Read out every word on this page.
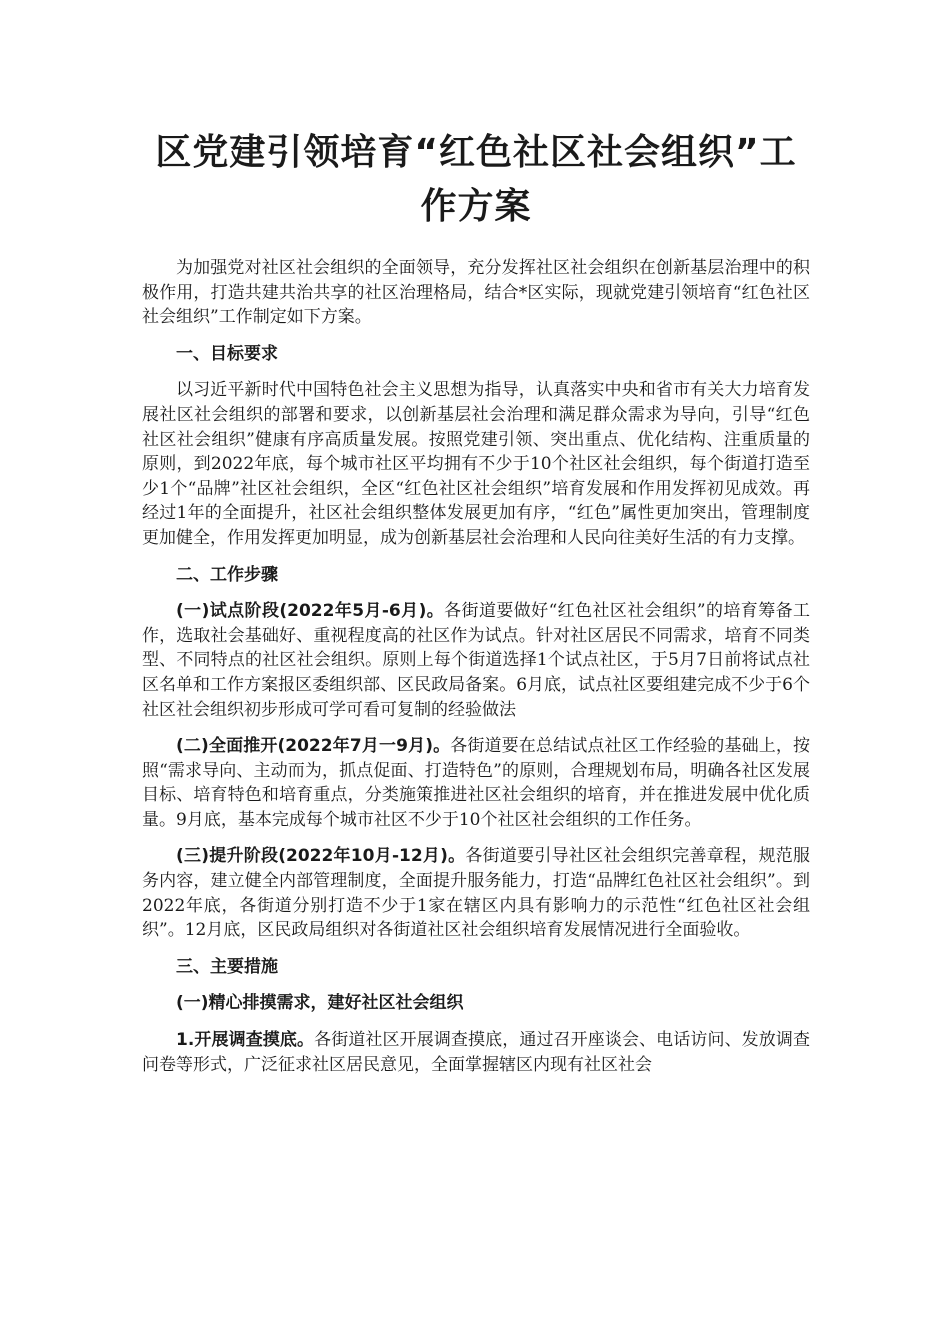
区党建引领培育“红色社区社会组织”工作方案

为加强党对社区社会组织的全面领导，充分发挥社区社会组织在创新基层治理中的积极作用，打造共建共治共享的社区治理格局，结合*区实际，现就党建引领培育“红色社区社会组织”工作制定如下方案。

一、目标要求

以习近平新时代中国特色社会主义思想为指导，认真落实中央和省市有关大力培育发展社区社会组织的部署和要求，以创新基层社会治理和满足群众需求为导向，引导“红色社区社会组织”健康有序高质量发展。按照党建引领、突出重点、优化结构、注重质量的原则，到2022年底，每个城市社区平均拥有不少于10个社区社会组织，每个街道打造至少1个“品牌”社区社会组织，全区“红色社区社会组织”培育发展和作用发挥初见成效。再经过1年的全面提升，社区社会组织整体发展更加有序，“红色”属性更加突出，管理制度更加健全，作用发挥更加明显，成为创新基层社会治理和人民向往美好生活的有力支撑。

二、工作步骤

(一)试点阶段(2022年5月-6月)。各街道要做好“红色社区社会组织”的培育筹备工作，选取社会基础好、重视程度高的社区作为试点。针对社区居民不同需求，培育不同类型、不同特点的社区社会组织。原则上每个街道选择1个试点社区，于5月7日前将试点社区名单和工作方案报区委组织部、区民政局备案。6月底，试点社区要组建完成不少于6个社区社会组织初步形成可学可看可复制的经验做法

(二)全面推开(2022年7月一9月)。各街道要在总结试点社区工作经验的基础上，按照“需求导向、主动而为，抓点促面、打造特色”的原则，合理规划布局，明确各社区发展目标、培育特色和培育重点，分类施策推进社区社会组织的培育，并在推进发展中优化质量。9月底，基本完成每个城市社区不少于10个社区社会组织的工作任务。

(三)提升阶段(2022年10月-12月)。各街道要引导社区社会组织完善章程，规范服务内容，建立健全内部管理制度，全面提升服务能力，打造“品牌红色社区社会组织”。到2022年底，各街道分别打造不少于1家在辖区内具有影响力的示范性“红色社区社会组织”。12月底，区民政局组织对各街道社区社会组织培育发展情况进行全面验收。

三、主要措施

(一)精心排摸需求，建好社区社会组织

1.开展调查摸底。各街道社区开展调查摸底，通过召开座谈会、电话访问、发放调查问卷等形式，广泛征求社区居民意见，全面掌握辖区内现有社区社会
